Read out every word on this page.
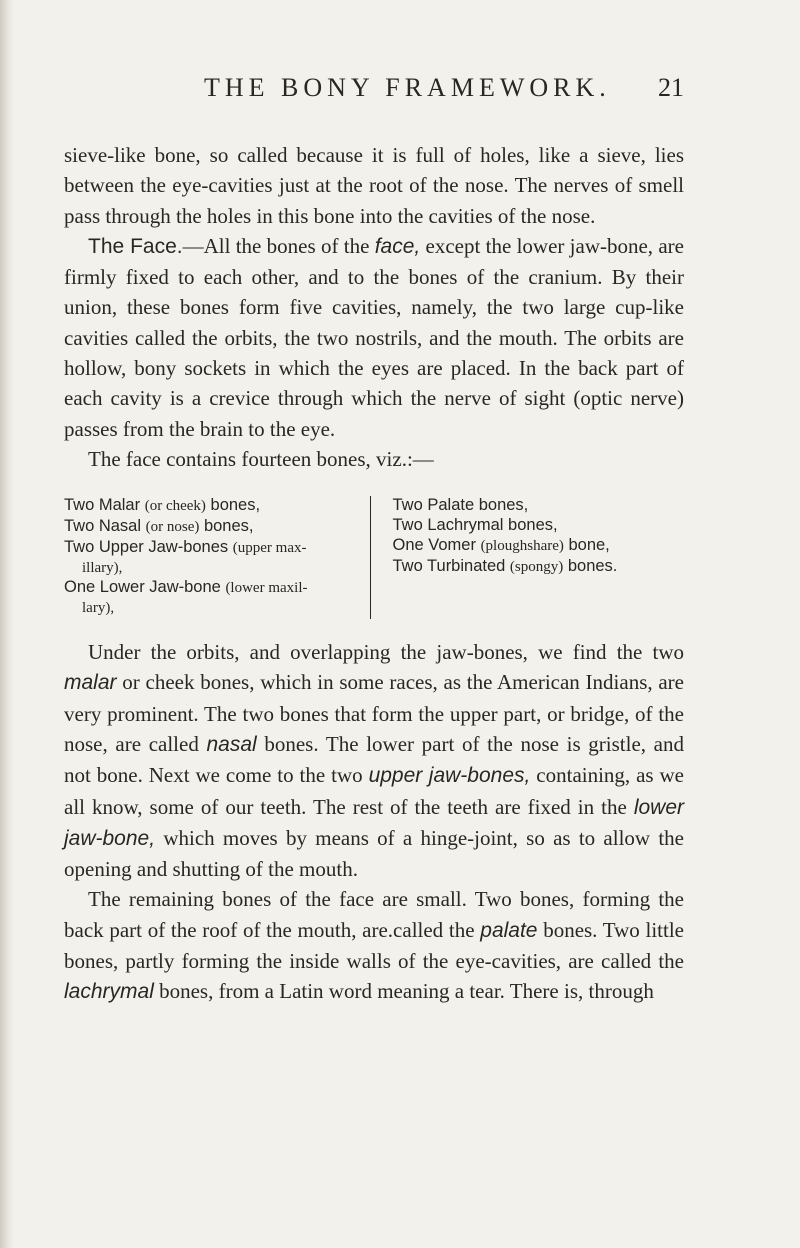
THE BONY FRAMEWORK. 21

sieve-like bone, so called because it is full of holes, like a sieve, lies between the eye-cavities just at the root of the nose. The nerves of smell pass through the holes in this bone into the cavities of the nose.

The Face.—All the bones of the face, except the lower jaw-bone, are firmly fixed to each other, and to the bones of the cranium. By their union, these bones form five cavities, namely, the two large cup-like cavities called the orbits, the two nostrils, and the mouth. The orbits are hollow, bony sockets in which the eyes are placed. In the back part of each cavity is a crevice through which the nerve of sight (optic nerve) passes from the brain to the eye.

The face contains fourteen bones, viz.:—

Two Malar (or cheek) bones,
Two Nasal (or nose) bones,
Two Upper Jaw-bones (upper max-
illary),
One Lower Jaw-bone (lower maxil-
lary),
Two Palate bones,
Two Lachrymal bones,
One Vomer (ploughshare) bone,
Two Turbinated (spongy) bones.

Under the orbits, and overlapping the jaw-bones, we find the two malar or cheek bones, which in some races, as the American Indians, are very prominent. The two bones that form the upper part, or bridge, of the nose, are called nasal bones. The lower part of the nose is gristle, and not bone. Next we come to the two upper jaw-bones, containing, as we all know, some of our teeth. The rest of the teeth are fixed in the lower jaw-bone, which moves by means of a hinge-joint, so as to allow the opening and shutting of the mouth.

The remaining bones of the face are small. Two bones, forming the back part of the roof of the mouth, are.called the palate bones. Two little bones, partly forming the inside walls of the eye-cavities, are called the lachrymal bones, from a Latin word meaning a tear. There is, through
